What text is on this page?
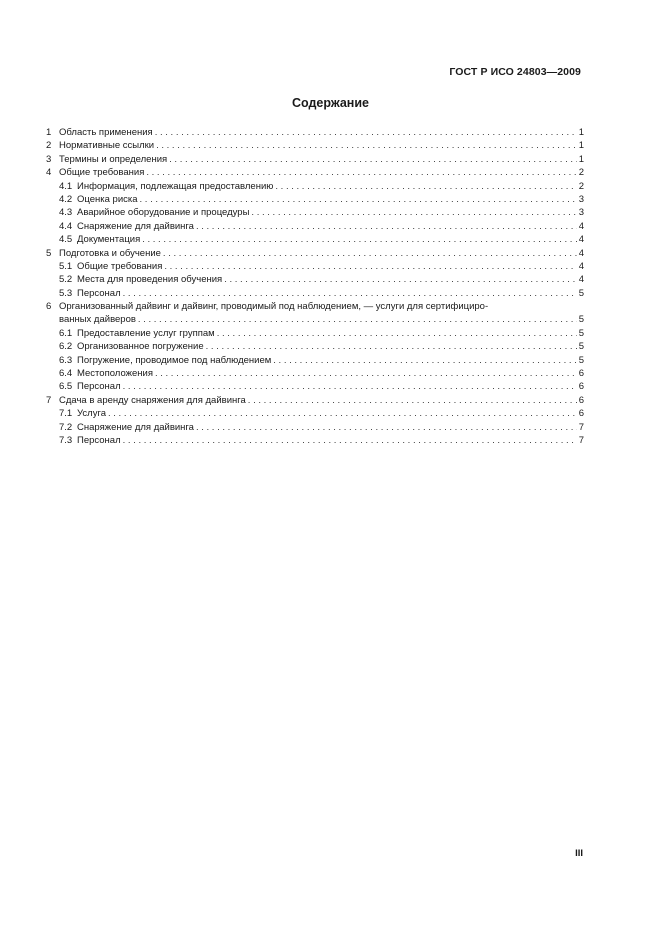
ГОСТ Р ИСО 24803—2009
Содержание
1 Область применения . . .	1
2 Нормативные ссылки . . .	1
3 Термины и определения . . .	1
4 Общие требования . . .	2
4.1 Информация, подлежащая предоставлению . . .	2
4.2 Оценка риска . . .	3
4.3 Аварийное оборудование и процедуры . . .	3
4.4 Снаряжение для дайвинга . . .	4
4.5 Документация . . .	4
5 Подготовка и обучение . . .	4
5.1 Общие требования . . .	4
5.2 Места для проведения обучения . . .	4
5.3 Персонал . . .	5
6 Организованный дайвинг и дайвинг, проводимый под наблюдением, — услуги для сертифициро-
ванных дайверов . . .	5
6.1 Предоставление услуг группам . . .	5
6.2 Организованное погружение . . .	5
6.3 Погружение, проводимое под наблюдением . . .	5
6.4 Местоположения . . .	6
6.5 Персонал . . .	6
7 Сдача в аренду снаряжения для дайвинга . . .	6
7.1 Услуга . . .	6
7.2 Снаряжение для дайвинга . . .	7
7.3 Персонал . . .	7
III
